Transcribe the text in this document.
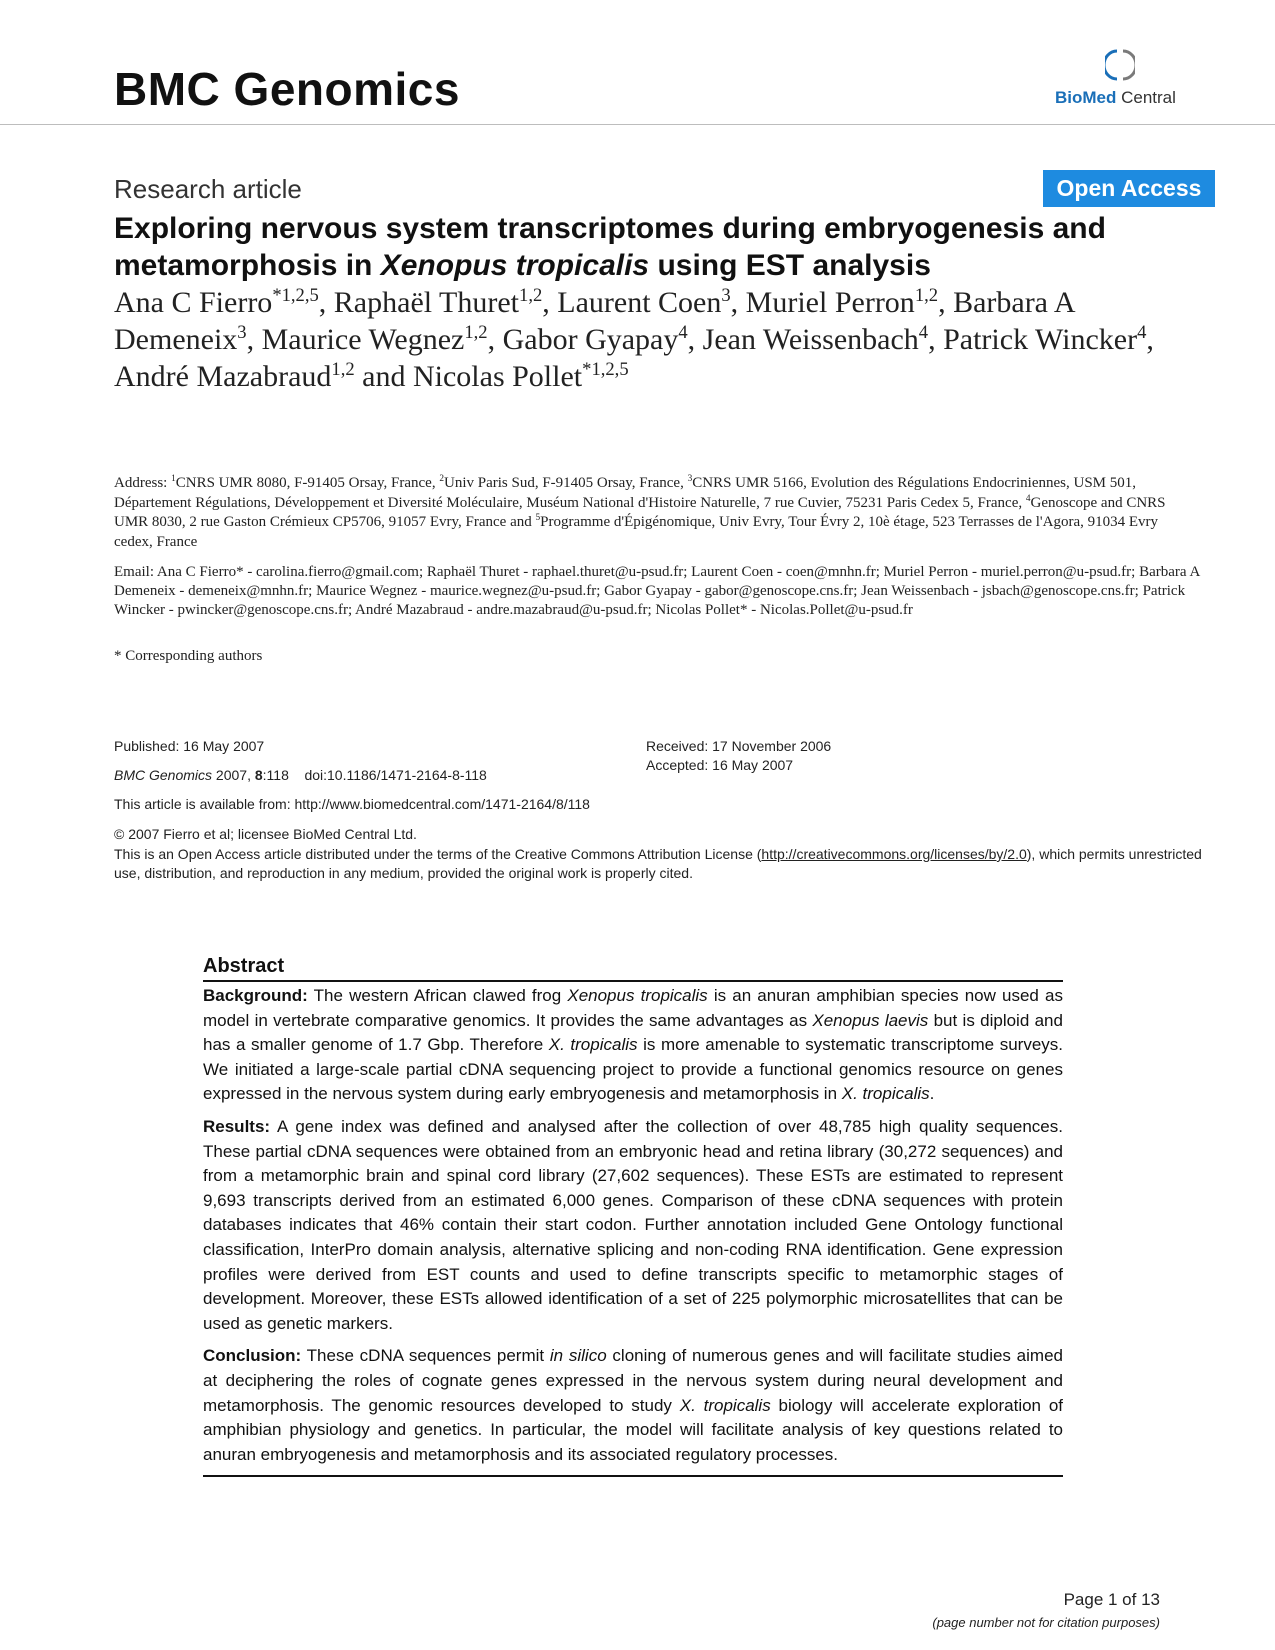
BMC Genomics	BioMed Central
Research article	Open Access
Exploring nervous system transcriptomes during embryogenesis and metamorphosis in Xenopus tropicalis using EST analysis
Ana C Fierro$^{*1,2,5}$, Raphaël Thuret$^{1,2}$, Laurent Coen$^3$, Muriel Perron$^{1,2}$, Barbara A Demeneix$^3$, Maurice Wegnez$^{1,2}$, Gabor Gyapay$^4$, Jean Weissenbach$^4$, Patrick Wincker$^4$, André Mazabraud$^{1,2}$ and Nicolas Pollet$^{*1,2,5}$
Address: $^1$CNRS UMR 8080, F-91405 Orsay, France, $^2$Univ Paris Sud, F-91405 Orsay, France, $^3$CNRS UMR 5166, Evolution des Régulations Endocriniennes, USM 501, Département Régulations, Développement et Diversité Moléculaire, Muséum National d'Histoire Naturelle, 7 rue Cuvier, 75231 Paris Cedex 5, France, $^4$Genoscope and CNRS UMR 8030, 2 rue Gaston Crémieux CP5706, 91057 Evry, France and $^5$Programme d'Épigénomique, Univ Evry, Tour Évry 2, 10è étage, 523 Terrasses de l'Agora, 91034 Evry cedex, France
Email: Ana C Fierro* - carolina.fierro@gmail.com; Raphaël Thuret - raphael.thuret@u-psud.fr; Laurent Coen - coen@mnhn.fr; Muriel Perron - muriel.perron@u-psud.fr; Barbara A Demeneix - demeneix@mnhn.fr; Maurice Wegnez - maurice.wegnez@u-psud.fr; Gabor Gyapay - gabor@genoscope.cns.fr; Jean Weissenbach - jsbach@genoscope.cns.fr; Patrick Wincker - pwincker@genoscope.cns.fr; André Mazabraud - andre.mazabraud@u-psud.fr; Nicolas Pollet* - Nicolas.Pollet@u-psud.fr
* Corresponding authors
Published: 16 May 2007
BMC Genomics 2007, 8:118 doi:10.1186/1471-2164-8-118
Received: 17 November 2006
Accepted: 16 May 2007
This article is available from: http://www.biomedcentral.com/1471-2164/8/118
© 2007 Fierro et al; licensee BioMed Central Ltd.
This is an Open Access article distributed under the terms of the Creative Commons Attribution License (http://creativecommons.org/licenses/by/2.0), which permits unrestricted use, distribution, and reproduction in any medium, provided the original work is properly cited.
Abstract

Background: The western African clawed frog Xenopus tropicalis is an anuran amphibian species now used as model in vertebrate comparative genomics. It provides the same advantages as Xenopus laevis but is diploid and has a smaller genome of 1.7 Gbp. Therefore X. tropicalis is more amenable to systematic transcriptome surveys. We initiated a large-scale partial cDNA sequencing project to provide a functional genomics resource on genes expressed in the nervous system during early embryogenesis and metamorphosis in X. tropicalis.

Results: A gene index was defined and analysed after the collection of over 48,785 high quality sequences. These partial cDNA sequences were obtained from an embryonic head and retina library (30,272 sequences) and from a metamorphic brain and spinal cord library (27,602 sequences). These ESTs are estimated to represent 9,693 transcripts derived from an estimated 6,000 genes. Comparison of these cDNA sequences with protein databases indicates that 46% contain their start codon. Further annotation included Gene Ontology functional classification, InterPro domain analysis, alternative splicing and non-coding RNA identification. Gene expression profiles were derived from EST counts and used to define transcripts specific to metamorphic stages of development. Moreover, these ESTs allowed identification of a set of 225 polymorphic microsatellites that can be used as genetic markers.

Conclusion: These cDNA sequences permit in silico cloning of numerous genes and will facilitate studies aimed at deciphering the roles of cognate genes expressed in the nervous system during neural development and metamorphosis. The genomic resources developed to study X. tropicalis biology will accelerate exploration of amphibian physiology and genetics. In particular, the model will facilitate analysis of key questions related to anuran embryogenesis and metamorphosis and its associated regulatory processes.

Page 1 of 13
(page number not for citation purposes)
